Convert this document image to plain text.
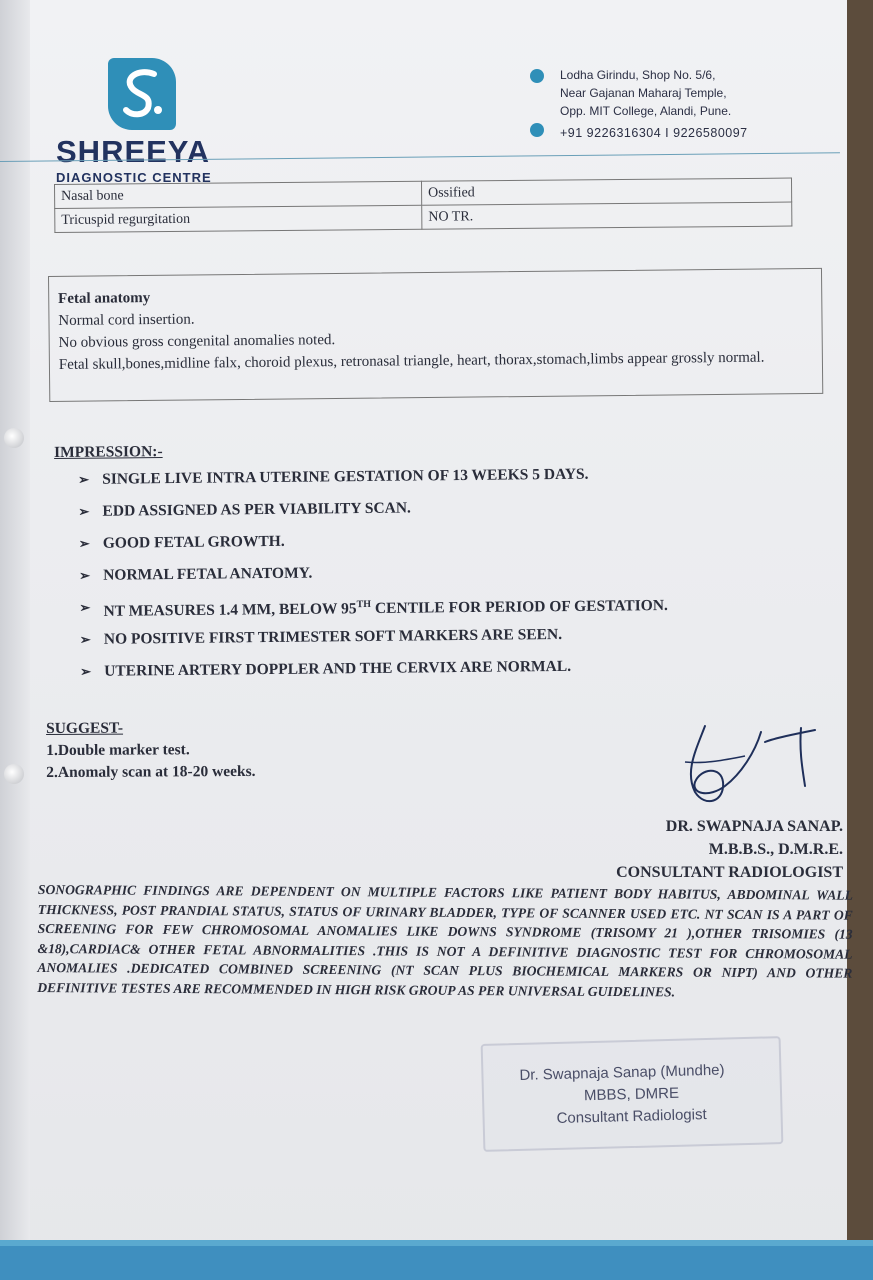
SHREEYA
DIAGNOSTIC CENTRE
Lodha Girindu, Shop No. 5/6,
Near Gajanan Maharaj Temple,
Opp. MIT College, Alandi, Pune.
+91 9226316304 I 9226580097
Nasal bone	Ossified
Tricuspid regurgitation	NO TR.
Fetal anatomy
Normal cord insertion.
No obvious gross congenital anomalies noted.
Fetal skull,bones,midline falx, choroid plexus, retronasal triangle, heart, thorax,stomach,limbs appear grossly normal.
IMPRESSION:-
➢ SINGLE LIVE INTRA UTERINE GESTATION OF 13 WEEKS 5 DAYS.
➢ EDD ASSIGNED AS PER VIABILITY SCAN.
➢ GOOD FETAL GROWTH.
➢ NORMAL FETAL ANATOMY.
➢ NT MEASURES 1.4 MM, BELOW 95TH CENTILE FOR PERIOD OF GESTATION.
➢ NO POSITIVE FIRST TRIMESTER SOFT MARKERS ARE SEEN.
➢ UTERINE ARTERY DOPPLER AND THE CERVIX ARE NORMAL.
SUGGEST-
1.Double marker test.
2.Anomaly scan at 18-20 weeks.
DR. SWAPNAJA SANAP.
M.B.B.S., D.M.R.E.
CONSULTANT RADIOLOGIST
SONOGRAPHIC FINDINGS ARE DEPENDENT ON MULTIPLE FACTORS LIKE PATIENT BODY HABITUS, ABDOMINAL WALL THICKNESS, POST PRANDIAL STATUS, STATUS OF URINARY BLADDER, TYPE OF SCANNER USED ETC. NT SCAN IS A PART OF SCREENING FOR FEW CHROMOSOMAL ANOMALIES LIKE DOWNS SYNDROME (TRISOMY 21 ),OTHER TRISOMIES (13 &18),CARDIAC& OTHER FETAL ABNORMALITIES .THIS IS NOT A DEFINITIVE DIAGNOSTIC TEST FOR CHROMOSOMAL ANOMALIES .DEDICATED COMBINED SCREENING (NT SCAN PLUS BIOCHEMICAL MARKERS OR NIPT) AND OTHER DEFINITIVE TESTES ARE RECOMMENDED IN HIGH RISK GROUP AS PER UNIVERSAL GUIDELINES.
Dr. Swapnaja Sanap (Mundhe)
MBBS, DMRE
Consultant Radiologist
